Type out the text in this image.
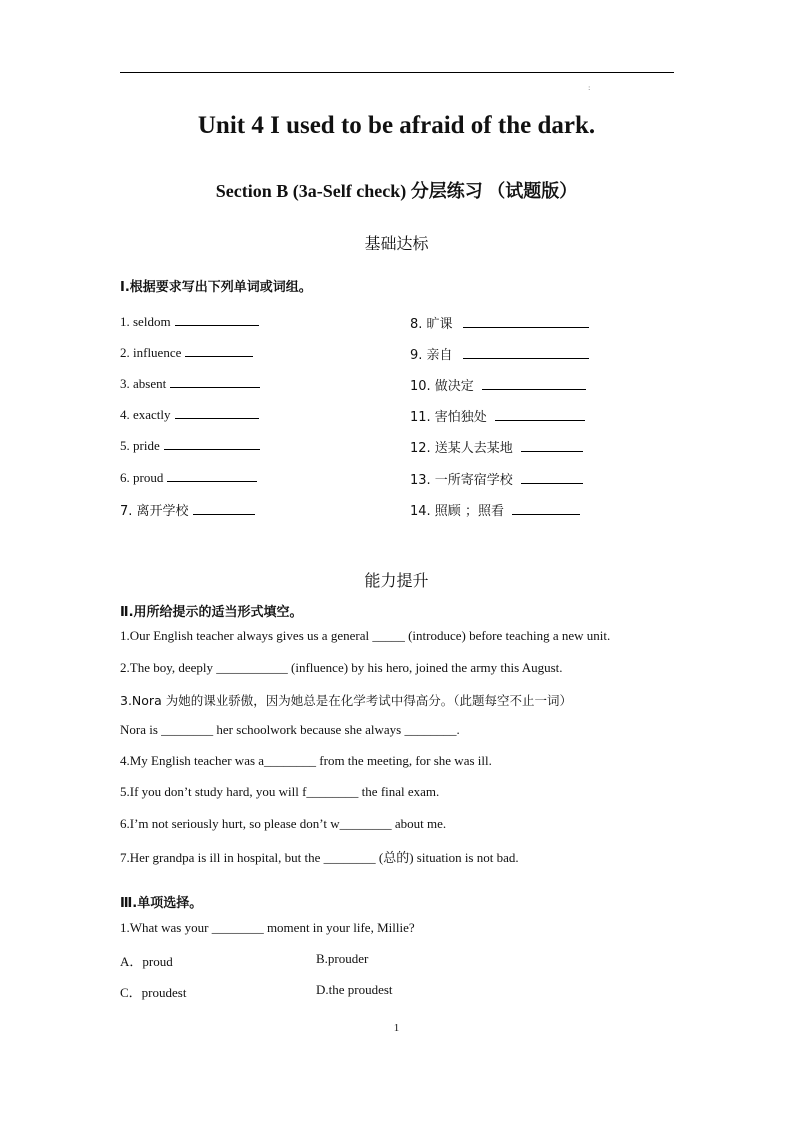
:
Unit 4 I used to be afraid of the dark.
Section B (3a-Self check) 分层练习 （试题版）
基础达标
Ⅰ.根据要求写出下列单词或词组。
1. seldom
2. influence
3. absent
4. exactly
5. pride
6. proud
7. 离开学校
8. 旷课
9. 亲自
10. 做决定
11. 害怕独处
12. 送某人去某地
13. 一所寄宿学校
14. 照顾 ；照看
能力提升
Ⅱ.用所给提示的适当形式填空。
1.Our English teacher always gives us a general _____ (introduce) before teaching a new unit.
2.The boy, deeply ___________ (influence) by his hero, joined the army this August.
3.Nora 为她的课业骄傲，因为她总是在化学考试中得高分。（此题每空不止一词）
Nora is ________ her schoolwork because she always ________.
4.My English teacher was a________ from the meeting, for she was ill.
5.If you don’t study hard, you will f________ the final exam.
6.I’m not seriously hurt, so please don’t w________ about me.
7.Her grandpa is ill in hospital, but the ________ (总的) situation is not bad.
Ⅲ.单项选择。
1.What was your ________ moment in your life, Millie?
A．proud	B.prouder
C．proudest	D.the proudest
1
